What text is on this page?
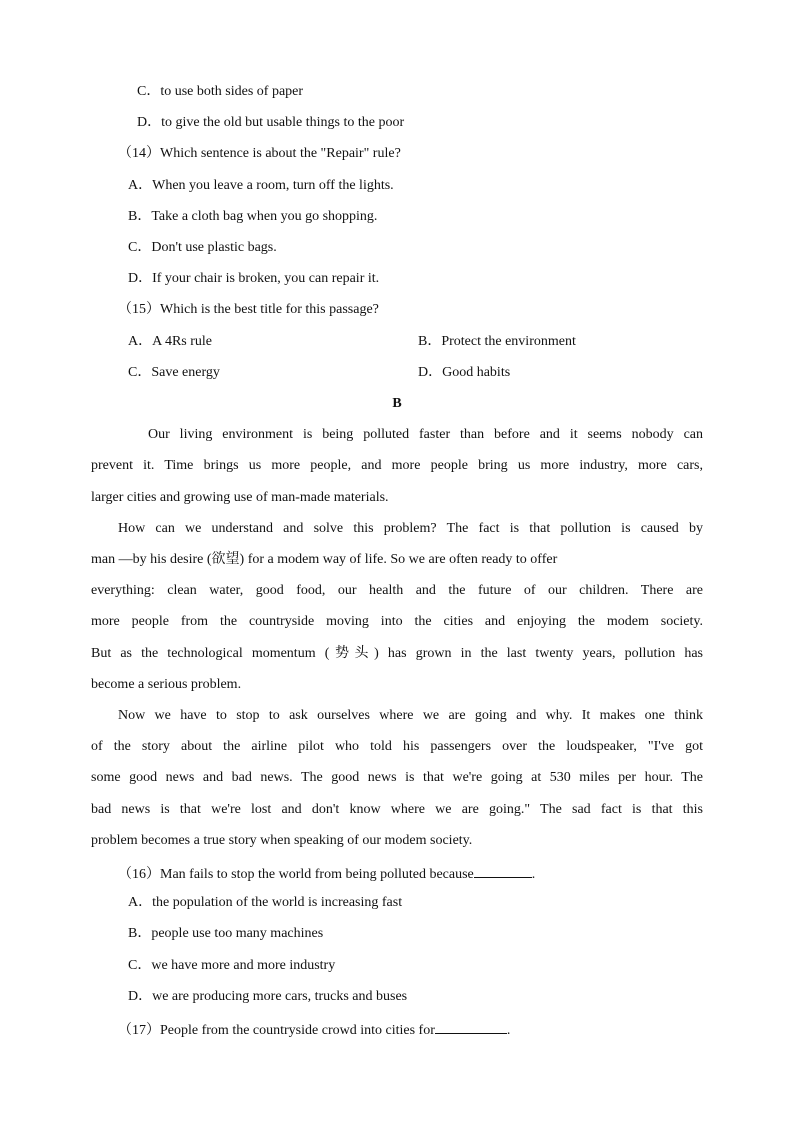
C．to use both sides of paper
D．to give the old but usable things to the poor
（14）Which sentence is about the "Repair" rule?
A．When you leave a room, turn off the lights.
B．Take a cloth bag when you go shopping.
C．Don't use plastic bags.
D．If your chair is broken, you can repair it.
（15）Which is the best title for this passage?
A．A 4Rs rule	B．Protect the environment
C．Save energy	D．Good habits
B
Our living environment is being polluted faster than before and it seems nobody can
prevent it. Time brings us more people, and more people bring us more industry, more cars,
larger cities and growing use of man-made materials.
How can we understand and solve this problem? The fact is that pollution is caused by
man —by his desire (欲望) for a modem way of life. So we are often ready to offer
everything: clean water, good food, our health and the future of our children. There are
more people from the countryside moving into the cities and enjoying the modem society.
But as the technological momentum (势头) has grown in the last twenty years, pollution has
become a serious problem.
Now we have to stop to ask ourselves where we are going and why. It makes one think
of the story about the airline pilot who told his passengers over the loudspeaker, "I've got
some good news and bad news. The good news is that we're going at 530 miles per hour. The
bad news is that we're lost and don't know where we are going." The sad fact is that this
problem becomes a true story when speaking of our modem society.
（16）Man fails to stop the world from being polluted because	.
A．the population of the world is increasing fast
B．people use too many machines
C．we have more and more industry
D．we are producing more cars, trucks and buses
（17）People from the countryside crowd into cities for	.
